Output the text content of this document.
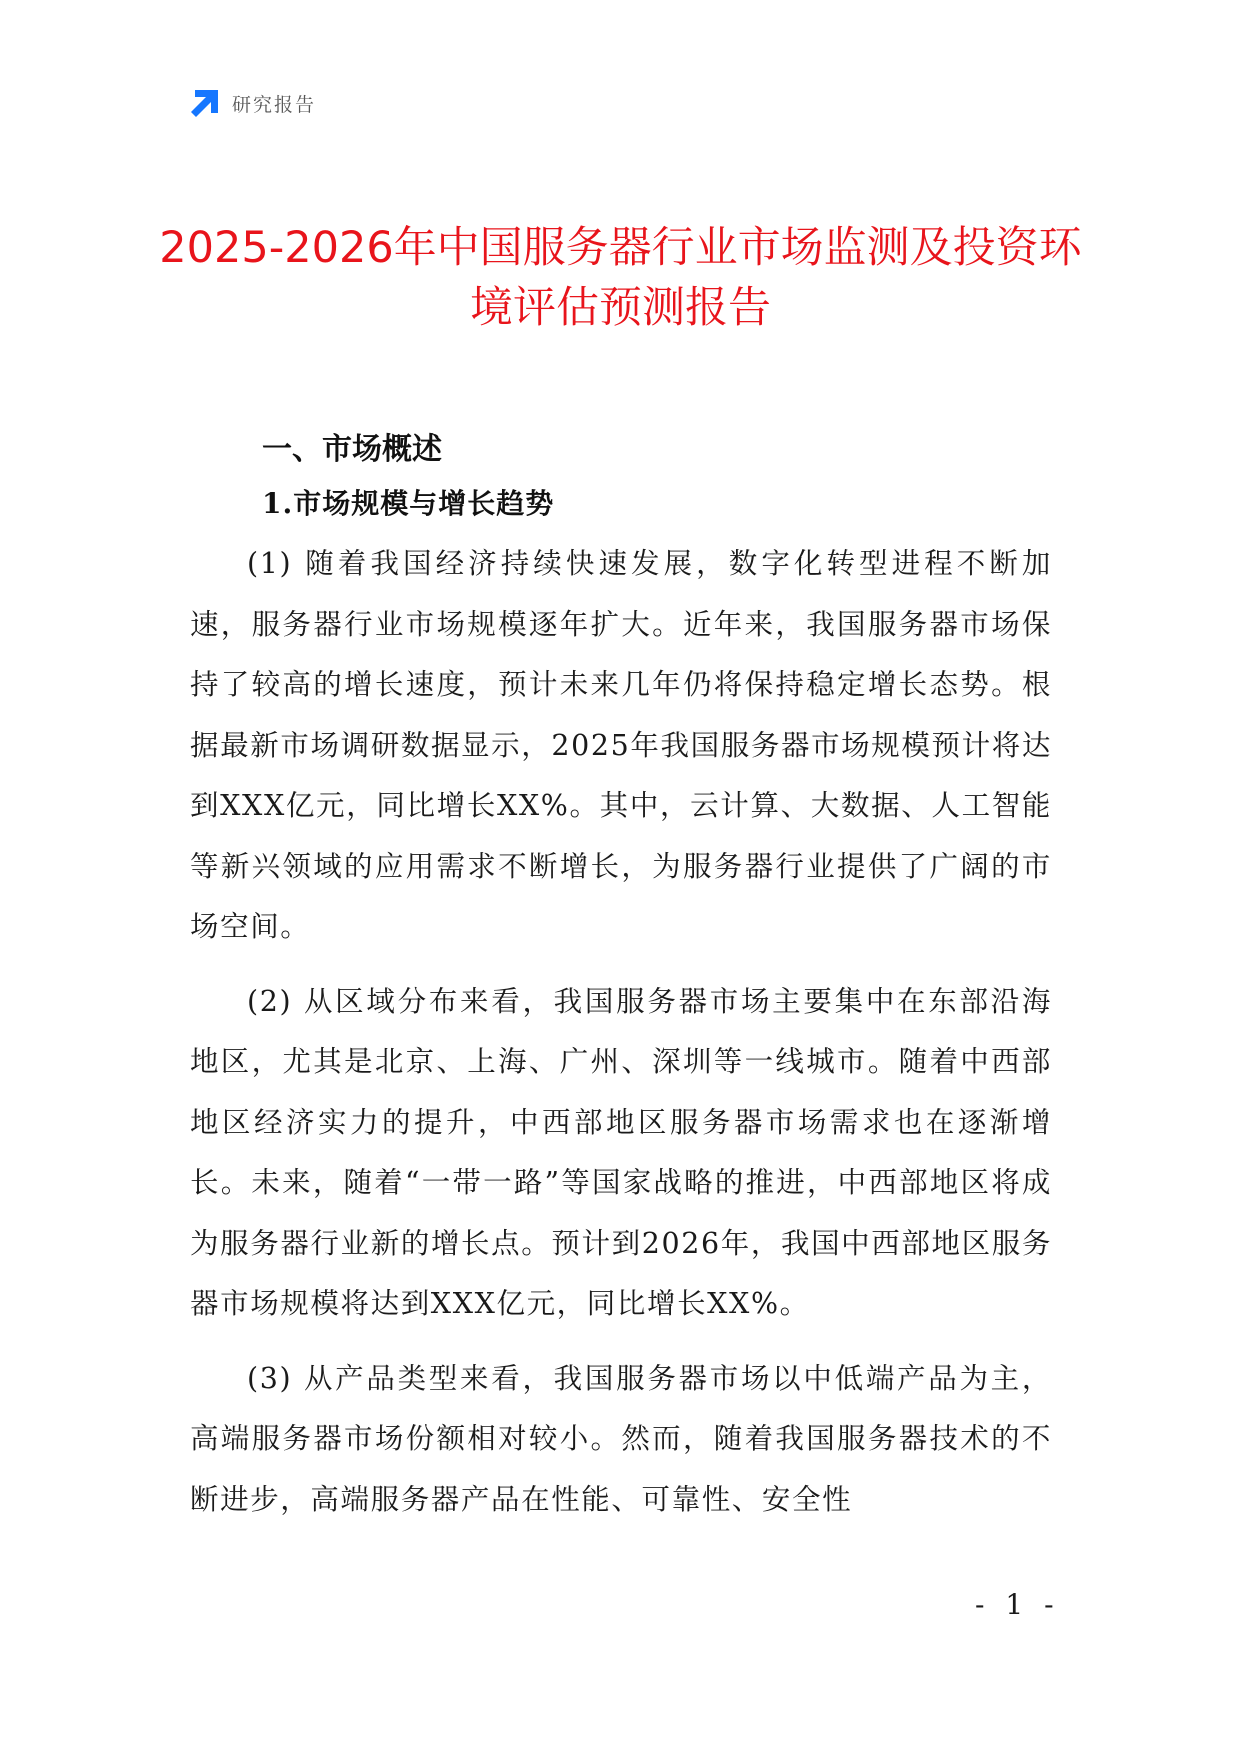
研究报告
2025-2026年中国服务器行业市场监测及投资环境评估预测报告
一、市场概述
1.市场规模与增长趋势

(1) 随着我国经济持续快速发展，数字化转型进程不断加速，服务器行业市场规模逐年扩大。近年来，我国服务器市场保持了较高的增长速度，预计未来几年仍将保持稳定增长态势。根据最新市场调研数据显示，2025年我国服务器市场规模预计将达到XXX亿元，同比增长XX%。其中，云计算、大数据、人工智能等新兴领域的应用需求不断增长，为服务器行业提供了广阔的市场空间。

(2) 从区域分布来看，我国服务器市场主要集中在东部沿海地区，尤其是北京、上海、广州、深圳等一线城市。随着中西部地区经济实力的提升，中西部地区服务器市场需求也在逐渐增长。未来，随着“一带一路”等国家战略的推进，中西部地区将成为服务器行业新的增长点。预计到2026年，我国中西部地区服务器市场规模将达到XXX亿元，同比增长XX%。

(3) 从产品类型来看，我国服务器市场以中低端产品为主，高端服务器市场份额相对较小。然而，随着我国服务器技术的不断进步，高端服务器产品在性能、可靠性、安全性

- 1 -
